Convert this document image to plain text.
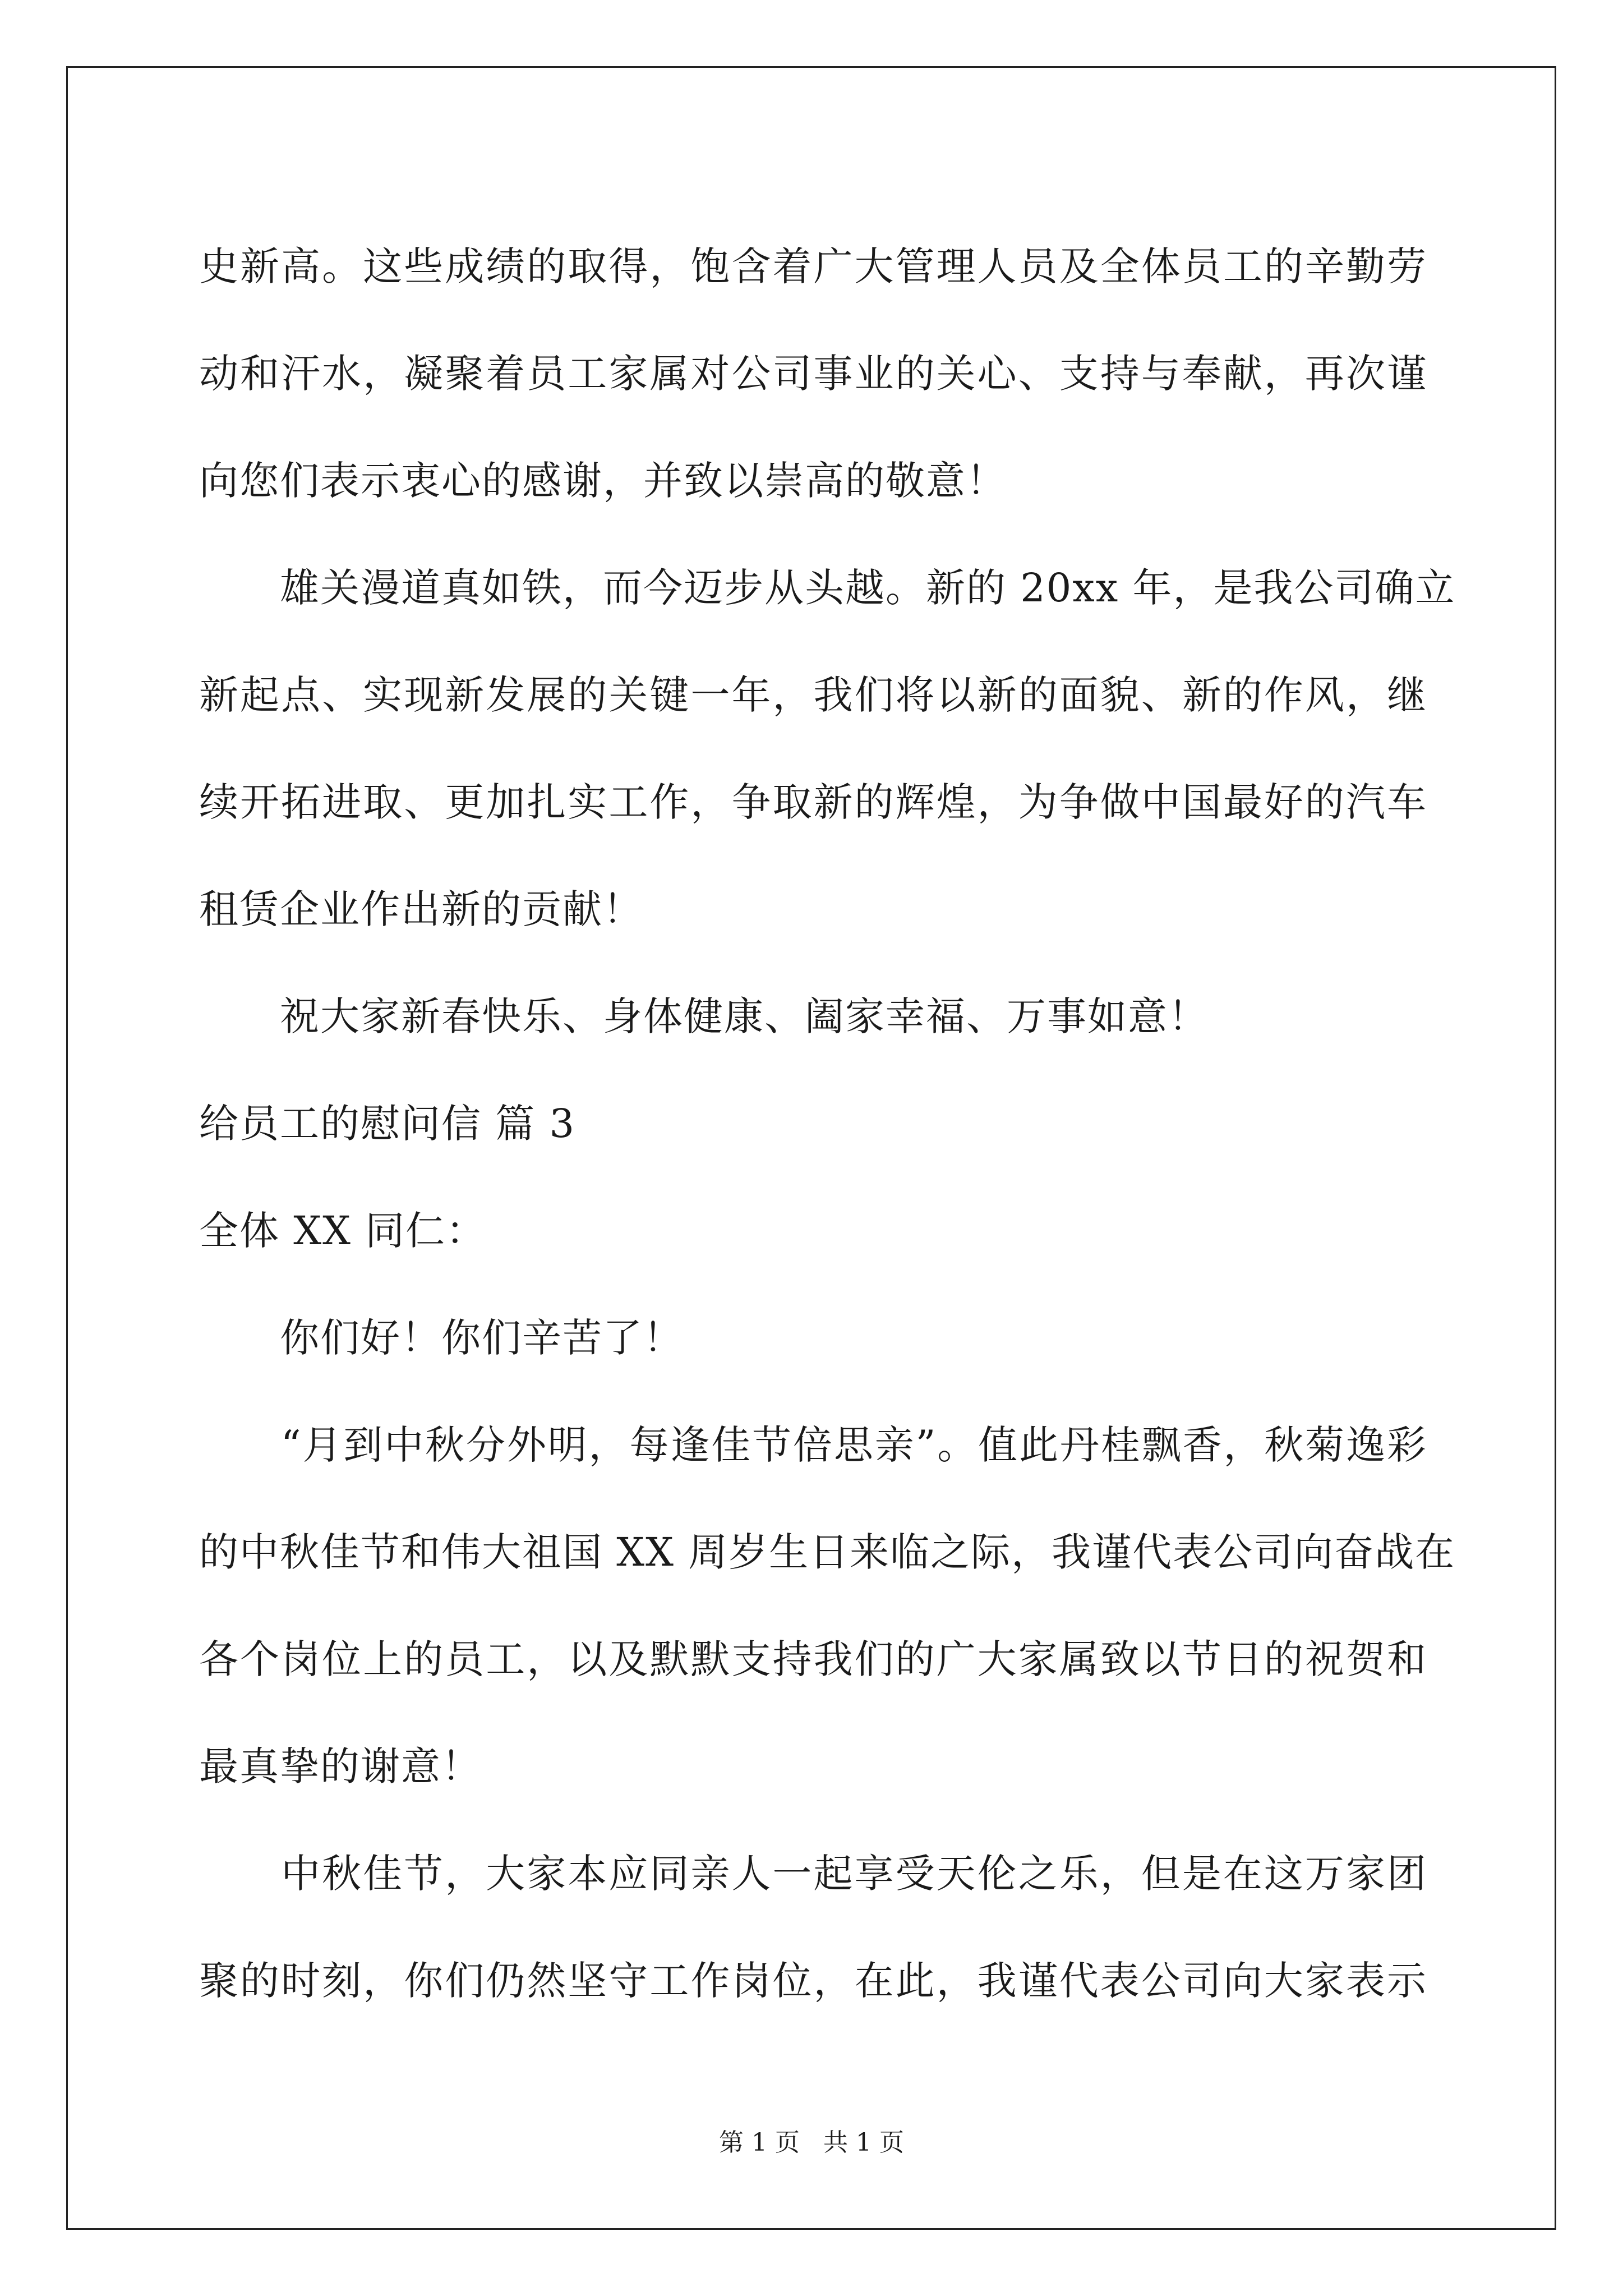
史新高。这些成绩的取得，饱含着广大管理人员及全体员工的辛勤劳
动和汗水，凝聚着员工家属对公司事业的关心、支持与奉献，再次谨
向您们表示衷心的感谢，并致以崇高的敬意！
　　雄关漫道真如铁，而今迈步从头越。新的 20xx 年，是我公司确立
新起点、实现新发展的关键一年，我们将以新的面貌、新的作风，继
续开拓进取、更加扎实工作，争取新的辉煌，为争做中国最好的汽车
租赁企业作出新的贡献！
　　祝大家新春快乐、身体健康、阖家幸福、万事如意！
给员工的慰问信 篇 3
全体 XX 同仁：
　　你们好！你们辛苦了！
　　“月到中秋分外明，每逢佳节倍思亲”。值此丹桂飘香，秋菊逸彩
的中秋佳节和伟大祖国 XX 周岁生日来临之际，我谨代表公司向奋战在
各个岗位上的员工，以及默默支持我们的广大家属致以节日的祝贺和
最真挚的谢意！
　　中秋佳节，大家本应同亲人一起享受天伦之乐，但是在这万家团
聚的时刻，你们仍然坚守工作岗位，在此，我谨代表公司向大家表示
第 1 页   共 1 页
